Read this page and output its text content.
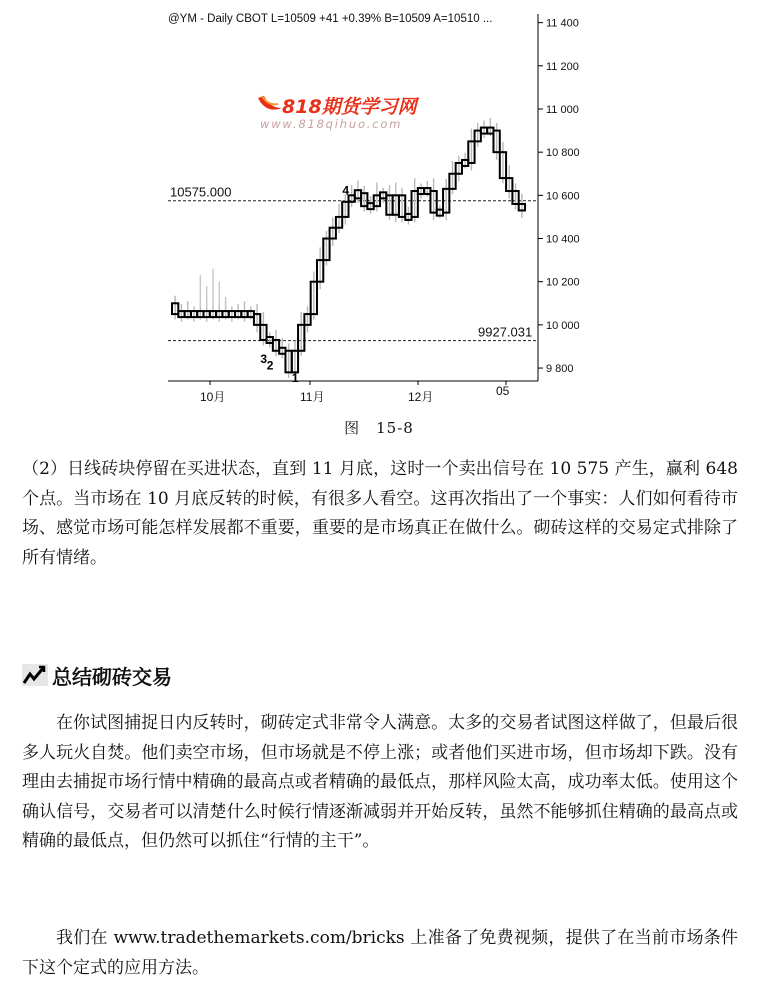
@YM - Daily CBOT L=10509 +41 +0.39% B=10509 A=10510 ...	11 400
11 200
11 000
10 800
10 600
10 400
10 200
10 000
9 800
10575.000
9927.031
4
3 2
1
10月	11月	12月	05
818期货学习网
www.818qihuo.com
图　15-8

（2）日线砖块停留在买进状态，直到 11 月底，这时一个卖出信号在 10 575 产生，赢利 648 个点。当市场在 10 月底反转的时候，有很多人看空。这再次指出了一个事实：人们如何看待市场、感觉市场可能怎样发展都不重要，重要的是市场真正在做什么。砌砖这样的交易定式排除了所有情绪。

总结砌砖交易

在你试图捕捉日内反转时，砌砖定式非常令人满意。太多的交易者试图这样做了，但最后很多人玩火自焚。他们卖空市场，但市场就是不停上涨；或者他们买进市场，但市场却下跌。没有理由去捕捉市场行情中精确的最高点或者精确的最低点，那样风险太高，成功率太低。使用这个确认信号，交易者可以清楚什么时候行情逐渐减弱并开始反转，虽然不能够抓住精确的最高点或精确的最低点，但仍然可以抓住“行情的主干”。

我们在 www.tradethemarkets.com/bricks 上准备了免费视频，提供了在当前市场条件下这个定式的应用方法。
